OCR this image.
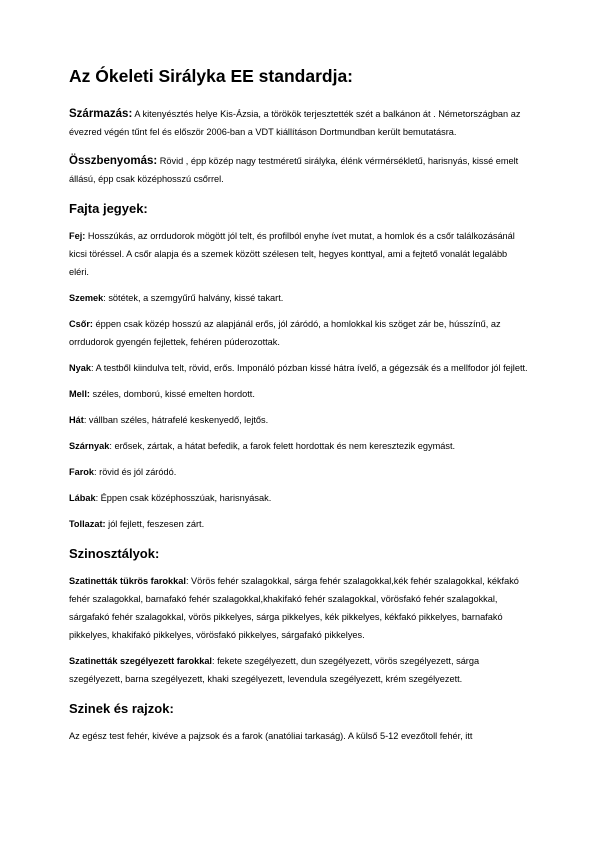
Az Ókeleti Sirályka EE standardja:

Származás: A kitenyésztés helye Kis-Ázsia, a törökök terjesztették szét a balkánon át . Németországban az évezred végén tűnt fel és először 2006-ban a VDT kiállításon Dortmundban került bemutatásra.

Összbenyomás: Rövid , épp közép nagy testméretű sirályka, élénk vérmérsékletű, harisnyás, kissé emelt állású, épp csak középhosszú csőrrel.

Fajta jegyek:

Fej: Hosszúkás, az orrdudorok mögött jól telt, és profilból enyhe ívet mutat, a homlok és a csőr találkozásánál kicsi töréssel. A csőr alapja és a szemek között szélesen telt, hegyes konttyal, ami a fejtető vonalát legalább eléri.

Szemek: sötétek, a szemgyűrű halvány, kissé takart.

Csőr: éppen csak közép hosszú az alapjánál erős, jól záródó, a homlokkal kis szöget zár be, hússzínű, az orrdudorok gyengén fejlettek, fehéren púderozottak.

Nyak: A testből kiindulva telt, rövid, erős. Imponáló pózban kissé hátra ívelő, a gégezsák és a mellfodor jól fejlett.

Mell: széles, domború, kissé emelten hordott.

Hát: vállban széles, hátrafelé keskenyedő, lejtős.

Szárnyak: erősek, zártak, a hátat befedik, a farok felett hordottak és nem keresztezik egymást.

Farok: rövid és jól záródó.

Lábak: Éppen csak középhosszúak, harisnyásak.

Tollazat: jól fejlett, feszesen zárt.

Szinosztályok:

Szatinetták tükrös farokkal: Vörös fehér szalagokkal, sárga fehér szalagokkal,kék fehér szalagokkal, kékfakó fehér szalagokkal, barnafakó fehér szalagokkal,khakifakó fehér szalagokkal, vörösfakó fehér szalagokkal, sárgafakó fehér szalagokkal, vörös pikkelyes, sárga pikkelyes, kék pikkelyes, kékfakó pikkelyes, barnafakó pikkelyes, khakifakó pikkelyes, vörösfakó pikkelyes, sárgafakó pikkelyes.

Szatinetták szegélyezett farokkal: fekete szegélyezett, dun szegélyezett, vörös szegélyezett, sárga szegélyezett, barna szegélyezett, khaki szegélyezett, levendula szegélyezett, krém szegélyezett.

Szinek és rajzok:

Az egész test fehér, kivéve a pajzsok és a farok (anatóliai tarkaság). A külső 5-12 evezőtoll fehér, itt
